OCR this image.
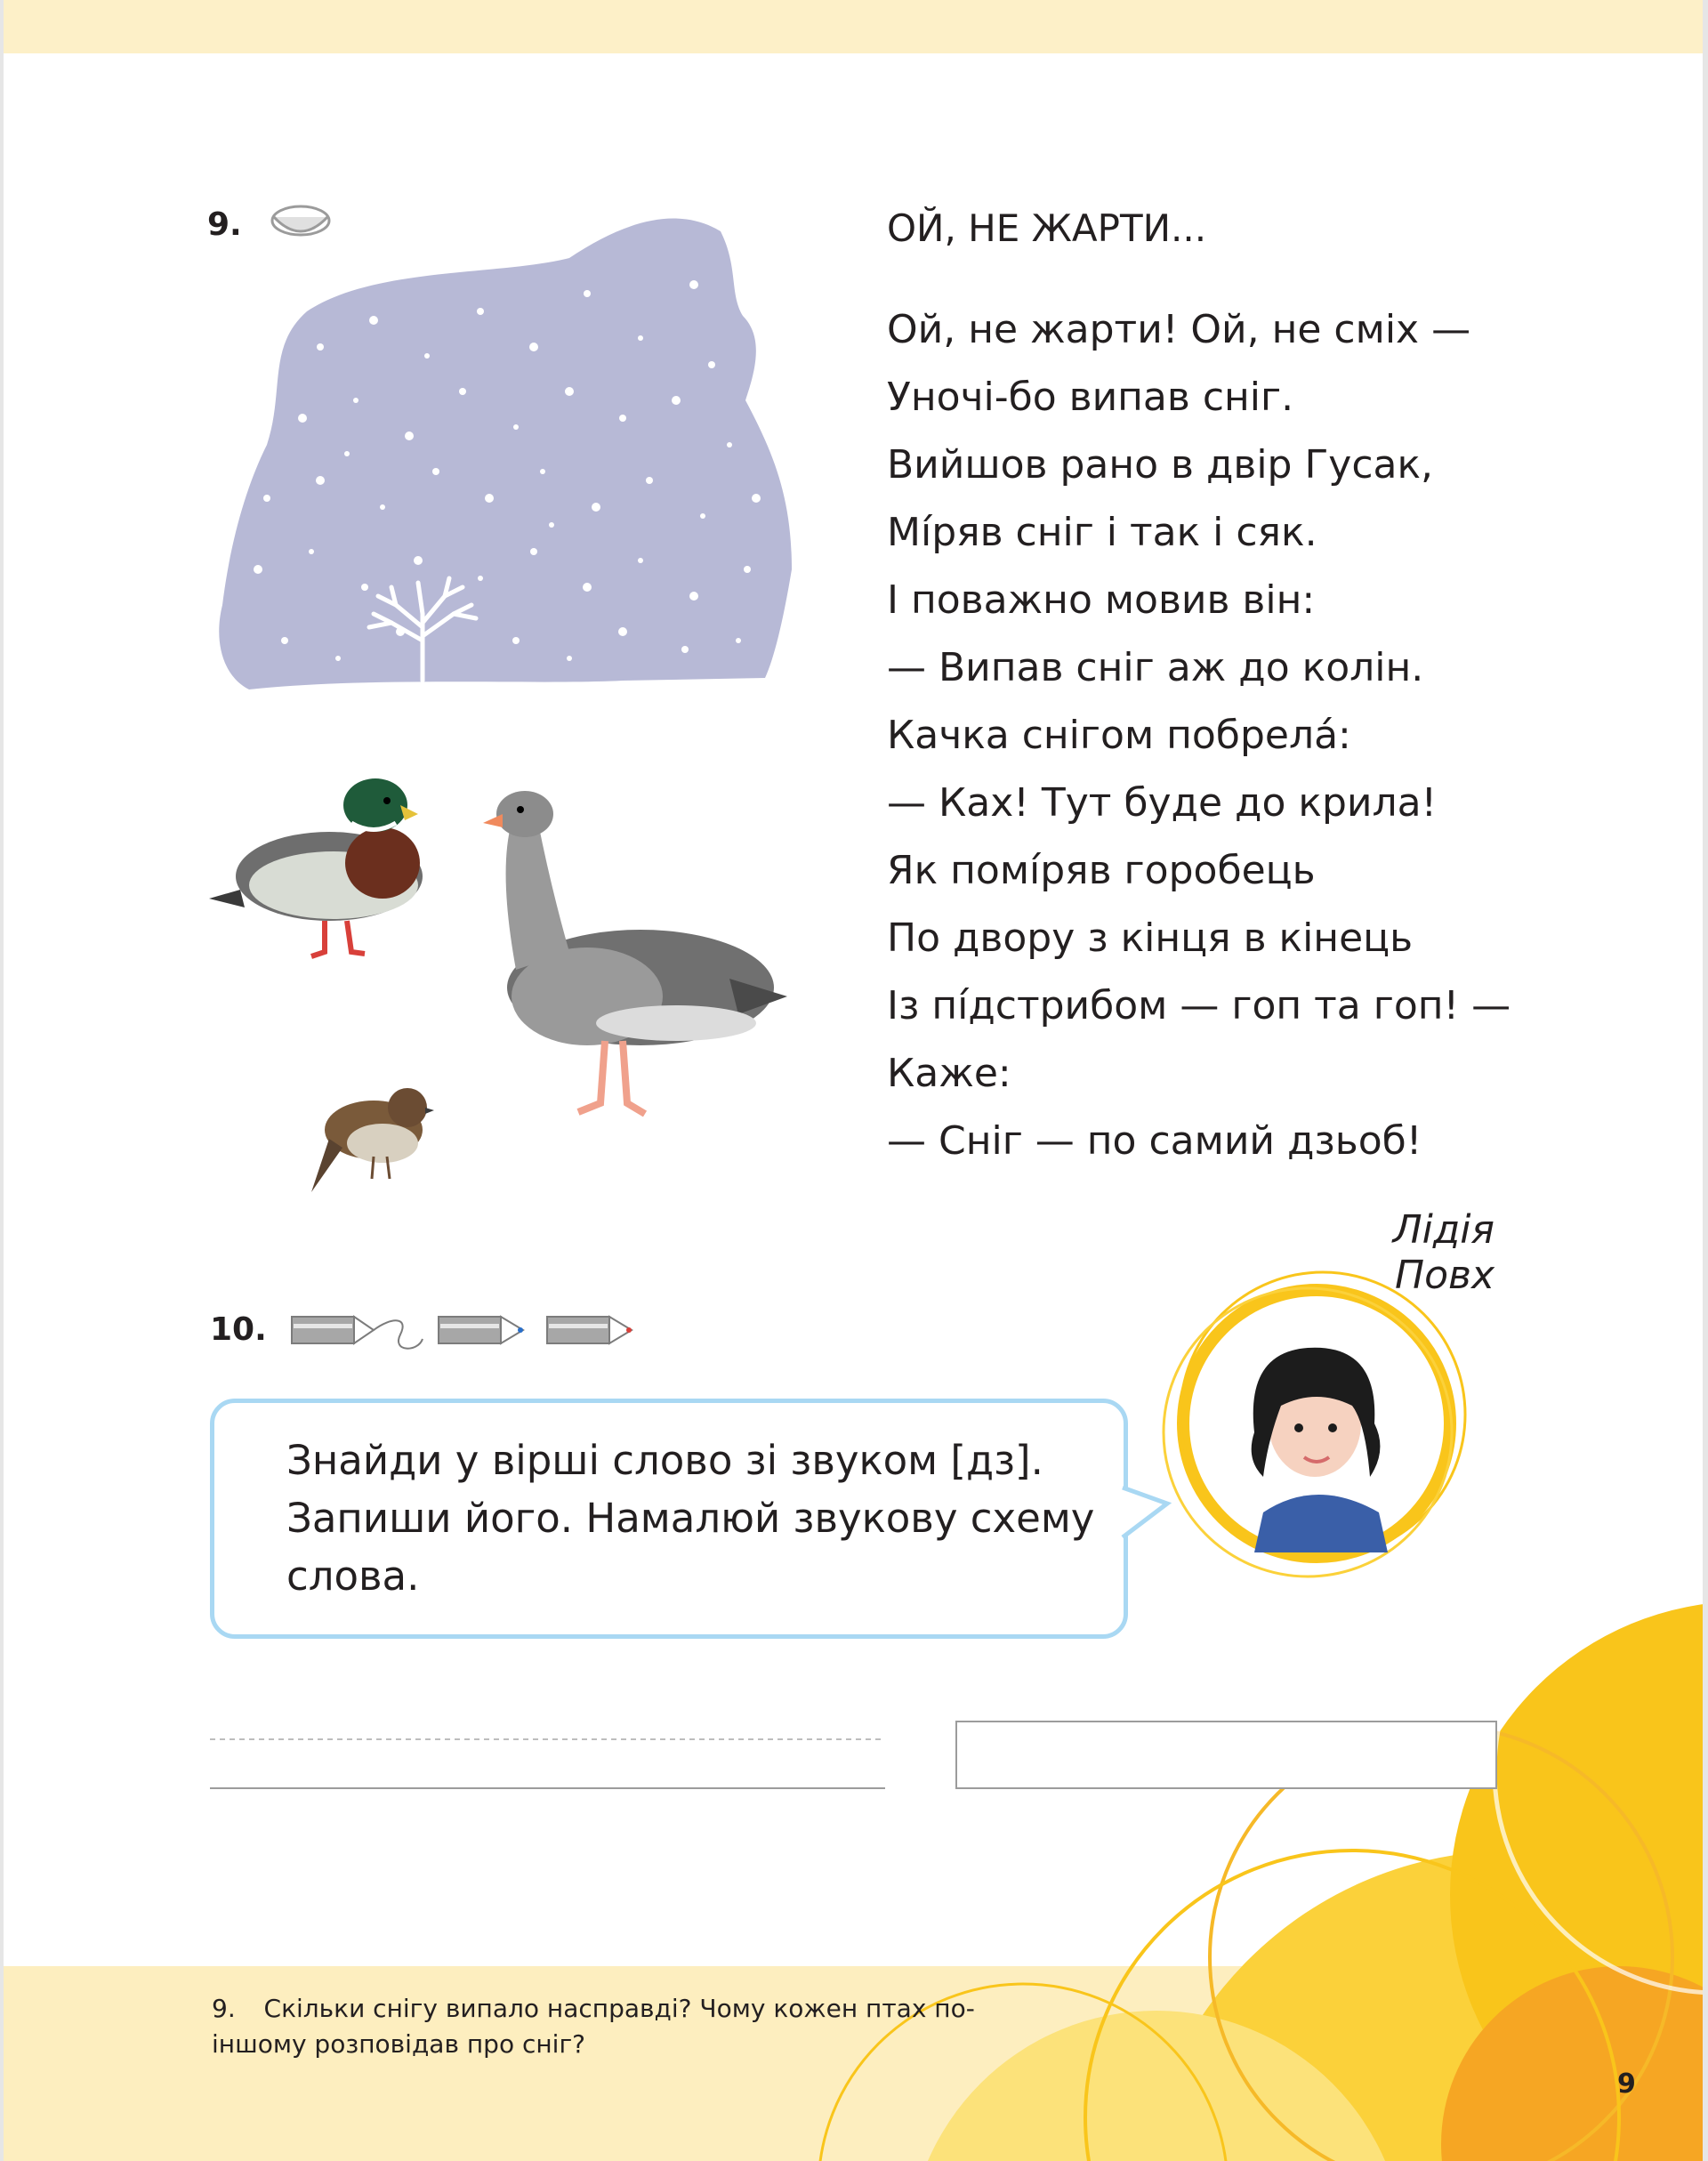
9.	ОЙ, НЕ ЖАРТИ...
Ой, не жарти! Ой, не сміх —
Уночі-бо випав сніг.
Вийшов рано в двір Гусак,
Мі́ряв сніг і так і сяк.
І поважно мовив він:
— Випав сніг аж до колін.
Качка снігом побрела́:
— Ках! Тут буде до крила!
Як помі́ряв горобець
По двору з кінця в кінець
Із пі́дстрибом — гоп та гоп! —
Каже:
— Сніг — по самий дзьоб!
Лідія Повх
10.
Знайди у вірші слово зі звуком [дз].
Запиши його. Намалюй звукову схему
слова.
9. Скільки снігу випало насправді? Чому кожен птах по-іншому розповідав про сніг?
9
